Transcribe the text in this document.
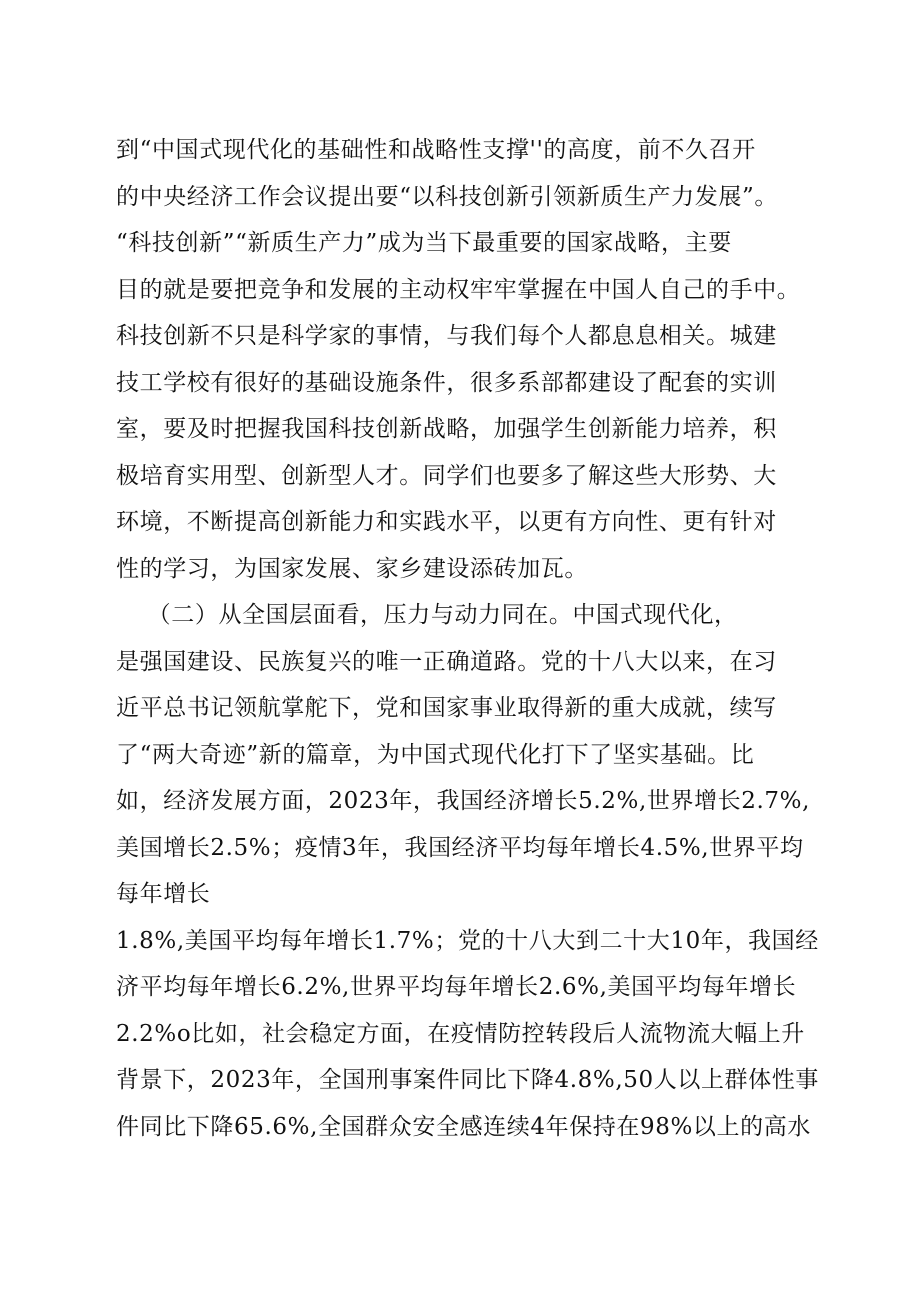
到“中国式现代化的基础性和战略性支撑''的高度，前不久召开
的中央经济工作会议提出要“以科技创新引领新质生产力发展”。
“科技创新”“新质生产力”成为当下最重要的国家战略，主要
目的就是要把竞争和发展的主动权牢牢掌握在中国人自己的手中。
科技创新不只是科学家的事情，与我们每个人都息息相关。城建
技工学校有很好的基础设施条件，很多系部都建设了配套的实训
室，要及时把握我国科技创新战略，加强学生创新能力培养，积
极培育实用型、创新型人才。同学们也要多了解这些大形势、大
环境，不断提高创新能力和实践水平，以更有方向性、更有针对
性的学习，为国家发展、家乡建设添砖加瓦。
（二）从全国层面看，压力与动力同在。中国式现代化，
是强国建设、民族复兴的唯一正确道路。党的十八大以来，在习
近平总书记领航掌舵下，党和国家事业取得新的重大成就，续写
了“两大奇迹”新的篇章，为中国式现代化打下了坚实基础。比
如，经济发展方面，2023年，我国经济增长5.2%,世界增长2.7%,
美国增长2.5%；疫情3年，我国经济平均每年增长4.5%,世界平均
每年增长
1.8%,美国平均每年增长1.7%；党的十八大到二十大10年，我国经
济平均每年增长6.2%,世界平均每年增长2.6%,美国平均每年增长
2.2%o比如，社会稳定方面，在疫情防控转段后人流物流大幅上升
背景下，2023年，全国刑事案件同比下降4.8%,50人以上群体性事
件同比下降65.6%,全国群众安全感连续4年保持在98%以上的高水
